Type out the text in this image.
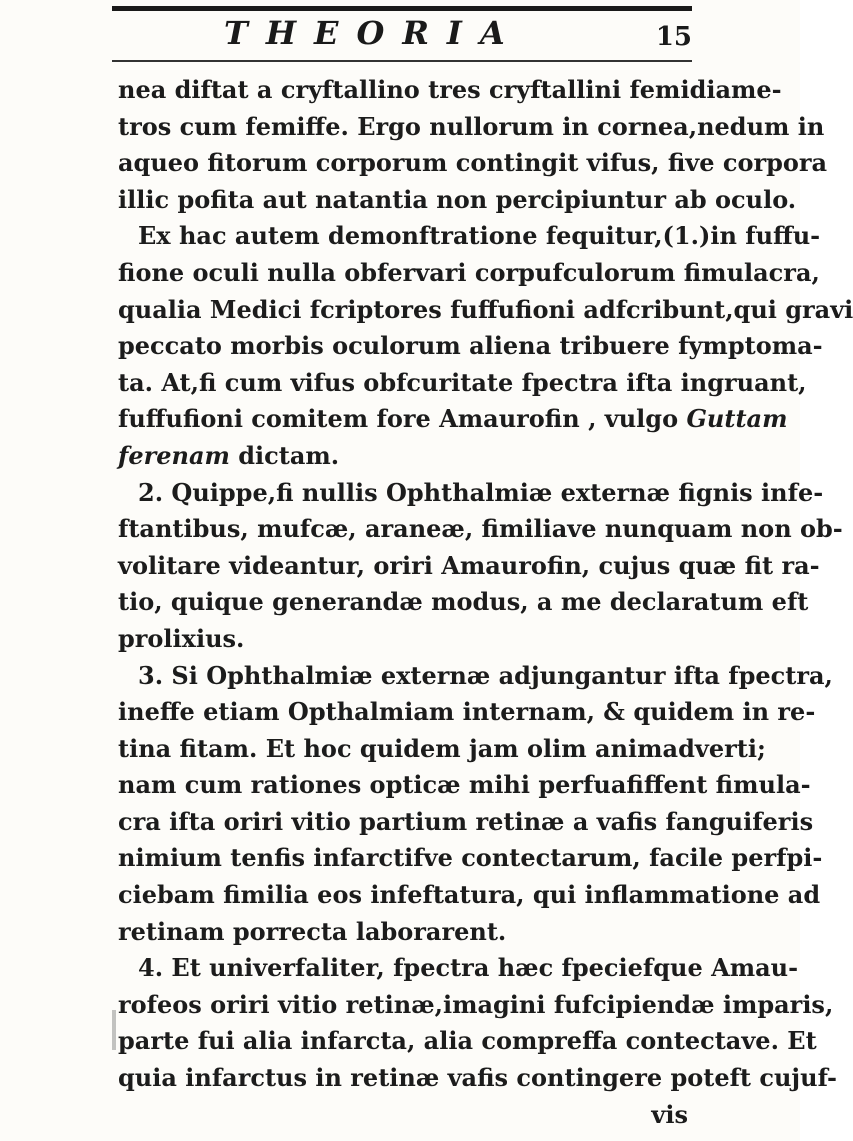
THEORIA	15
nea diftat a cryftallino tres cryftallini femidiame-
tros cum femiffe. Ergo nullorum in cornea,nedum in
aqueo fitorum corporum contingit vifus, five corpora
illic pofita aut natantia non percipiuntur ab oculo.
Ex hac autem demonftratione fequitur,(1.)in fuffu-
fione oculi nulla obfervari corpufculorum fimulacra,
qualia Medici fcriptores fuffufioni adfcribunt,qui gravi
peccato morbis oculorum aliena tribuere fymptoma-
ta. At,fi cum vifus obfcuritate fpectra ifta ingruant,
fuffufioni comitem fore Amaurofin , vulgo Guttam
ferenam dictam.
2. Quippe,fi nullis Ophthalmiæ externæ fignis infe-
ftantibus, mufcæ, araneæ, fimiliave nunquam non ob-
volitare videantur, oriri Amaurofin, cujus quæ fit ra-
tio, quique generandæ modus, a me declaratum eft
prolixius.
3. Si Ophthalmiæ externæ adjungantur ifta fpectra,
ineffe etiam Opthalmiam internam, & quidem in re-
tina fitam. Et hoc quidem jam olim animadverti;
nam cum rationes opticæ mihi perfuafiffent fimula-
cra ifta oriri vitio partium retinæ a vafis fanguiferis
nimium tenfis infarctifve contectarum, facile perfpi-
ciebam fimilia eos infeftatura, qui inflammatione ad
retinam porrecta laborarent.
4. Et univerfaliter, fpectra hæc fpeciefque Amau-
rofeos oriri vitio retinæ,imagini fufcipiendæ imparis,
parte fui alia infarcta, alia compreffa contectave. Et
quia infarctus in retinæ vafis contingere poteft cujuf-
vis
